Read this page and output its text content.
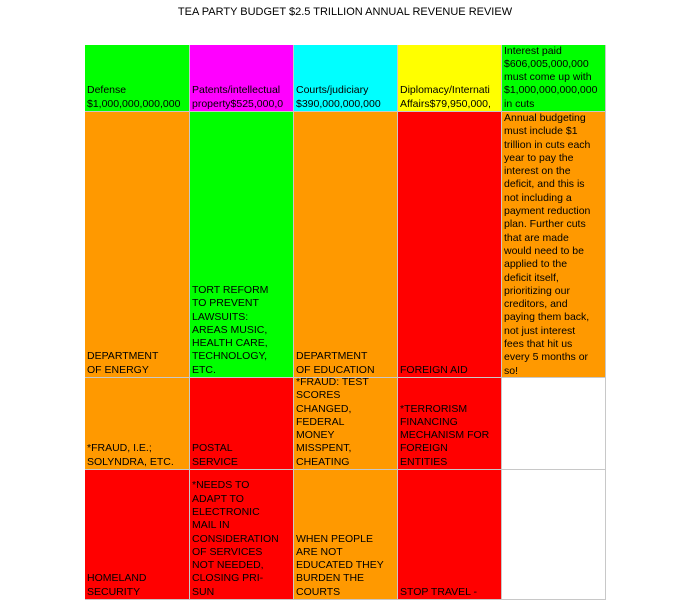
TEA PARTY BUDGET $2.5 TRILLION ANNUAL REVENUE REVIEW
Defense
$1,000,000,000,000
Patents/intellectual
property$525,000,0
Courts/judiciary
$390,000,000,000
Diplomacy/Internati
Affairs$79,950,000,
Interest paid
$606,005,000,000
must come up with
$1,000,000,000,000
in cuts
DEPARTMENT
OF ENERGY
TORT REFORM
TO PREVENT
LAWSUITS:
AREAS MUSIC,
HEALTH CARE,
TECHNOLOGY,
ETC.
DEPARTMENT
OF EDUCATION	FOREIGN AID
Annual budgeting
must include $1
trillion in cuts each
year to pay the
interest on the
deficit, and this is
not including a
payment reduction
plan. Further cuts
that are made
would need to be
applied to the
deficit itself,
prioritizing our
creditors, and
paying them back,
not just interest
fees that hit us
every 5 months or
so!
*FRAUD, I.E.;
SOLYNDRA, ETC.
POSTAL
SERVICE
*FRAUD: TEST
SCORES
CHANGED,
FEDERAL
MONEY
MISSPENT,
CHEATING
*TERRORISM
FINANCING
MECHANISM FOR
FOREIGN
ENTITIES
HOMELAND
SECURITY
*NEEDS TO
ADAPT TO
ELECTRONIC
MAIL IN
CONSIDERATION
OF SERVICES
NOT NEEDED,
CLOSING PRI-
SUN
WHEN PEOPLE
ARE NOT
EDUCATED THEY
BURDEN THE
COURTS	STOP TRAVEL -
